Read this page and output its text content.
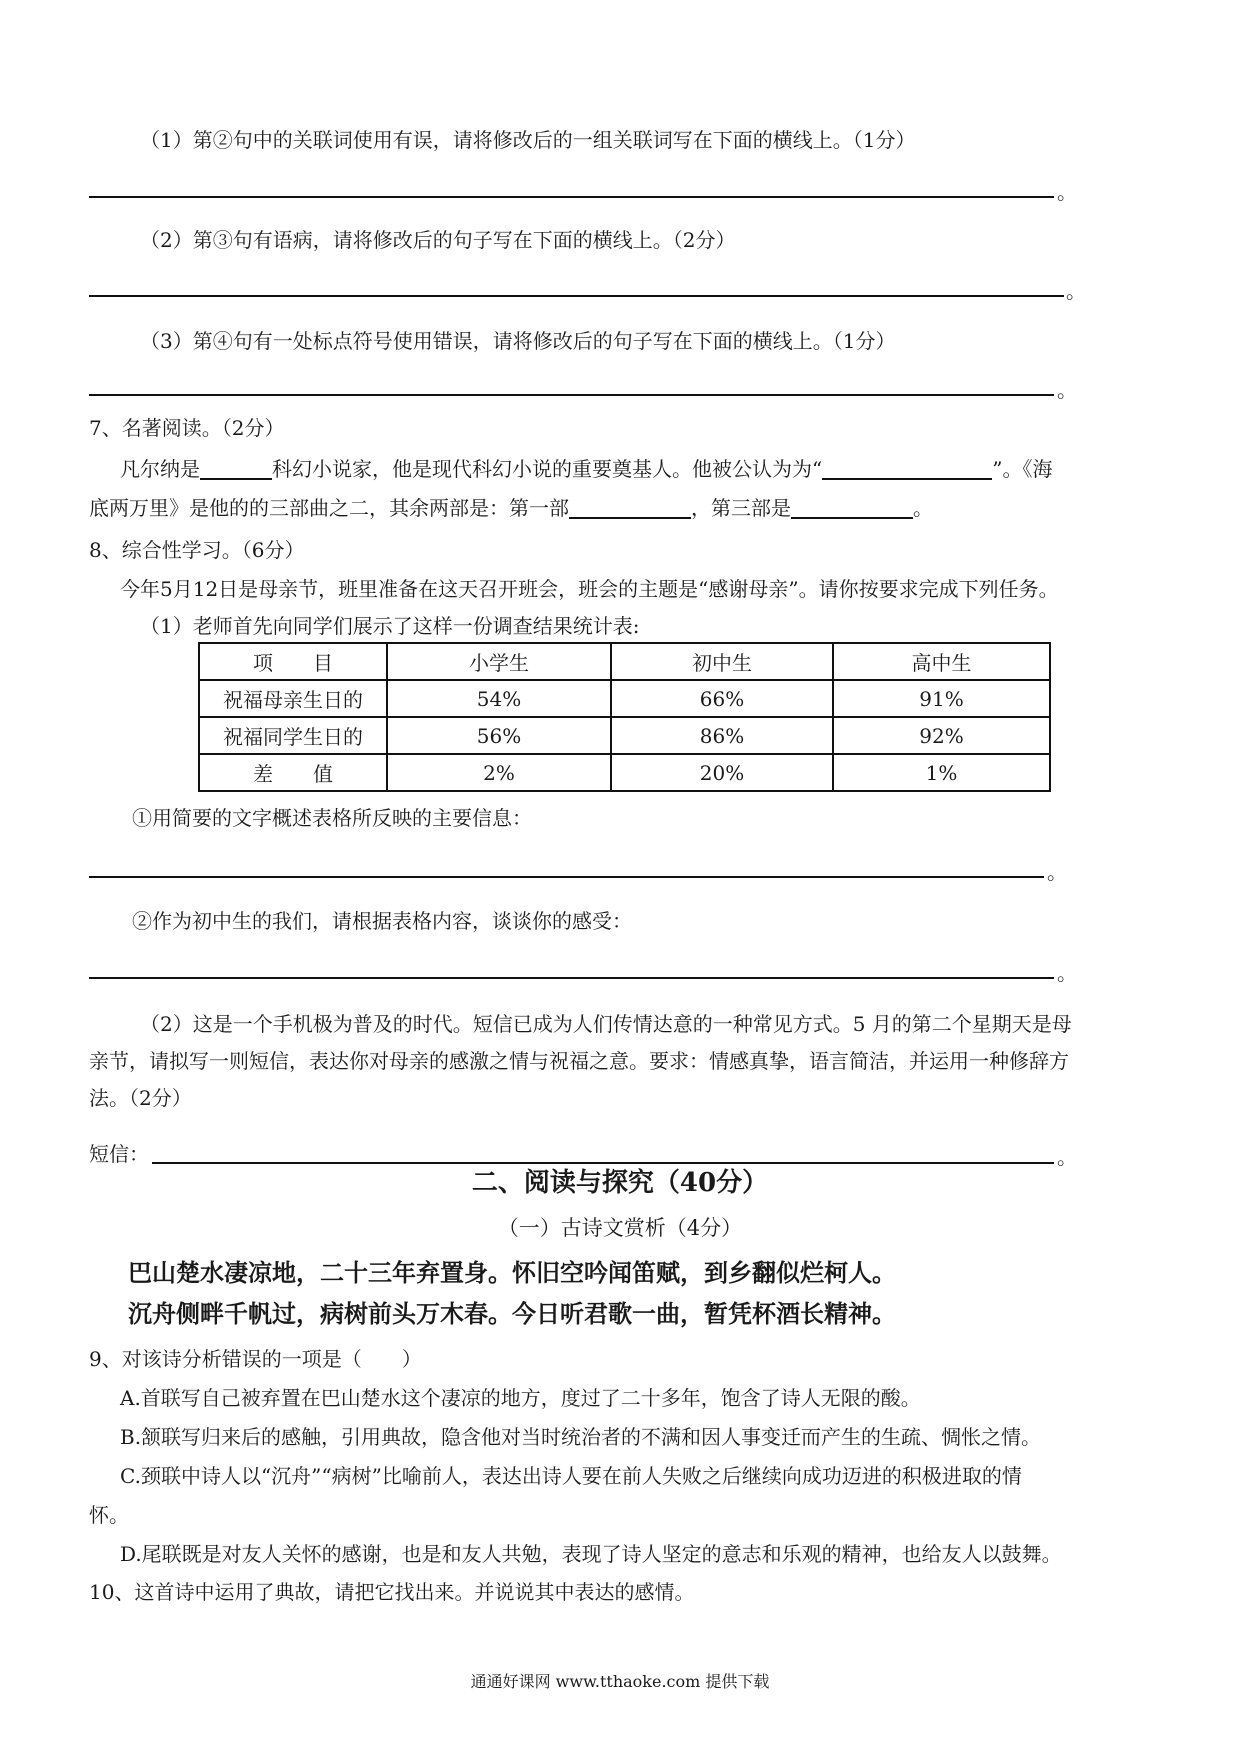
（1）第②句中的关联词使用有误，请将修改后的一组关联词写在下面的横线上。（1分）
。
（2）第③句有语病，请将修改后的句子写在下面的横线上。（2分）
。
（3）第④句有一处标点符号使用错误，请将修改后的句子写在下面的横线上。（1分）
。
7、名著阅读。（2分）
凡尔纳是	科幻小说家，他是现代科幻小说的重要奠基人。他被公认为为“	”。《海
底两万里》是他的的三部曲之二，其余两部是：第一部	，第三部是	。
8、综合性学习。（6分）
今年5月12日是母亲节，班里准备在这天召开班会，班会的主题是“感谢母亲”。请你按要求完成下列任务。
（1）老师首先向同学们展示了这样一份调查结果统计表:
项　　目	小学生	初中生	高中生
祝福母亲生日的	54%	66%	91%
祝福同学生日的	56%	86%	92%
差　　值	2%	20%	1%
①用简要的文字概述表格所反映的主要信息：
。
②作为初中生的我们，请根据表格内容，谈谈你的感受：
。
（2）这是一个手机极为普及的时代。短信已成为人们传情达意的一种常见方式。5 月的第二个星期天是母
亲节，请拟写一则短信，表达你对母亲的感激之情与祝福之意。要求：情感真挚，语言简洁，并运用一种修辞方
法。（2分）
短信：	。
二、阅读与探究（40分）
（一）古诗文赏析（4分）
巴山楚水凄凉地，二十三年弃置身。怀旧空吟闻笛赋，到乡翻似烂柯人。
沉舟侧畔千帆过，病树前头万木春。今日听君歌一曲，暂凭杯酒长精神。
9、对该诗分析错误的一项是（　　）
A.首联写自己被弃置在巴山楚水这个凄凉的地方，度过了二十多年，饱含了诗人无限的酸。
B.颔联写归来后的感触，引用典故，隐含他对当时统治者的不满和因人事变迁而产生的生疏、惆怅之情。
C.颈联中诗人以“沉舟”“病树”比喻前人，表达出诗人要在前人失败之后继续向成功迈进的积极进取的情
怀。
D.尾联既是对友人关怀的感谢，也是和友人共勉，表现了诗人坚定的意志和乐观的精神，也给友人以鼓舞。
10、这首诗中运用了典故，请把它找出来。并说说其中表达的感情。
通通好课网 www.tthaoke.com 提供下载
